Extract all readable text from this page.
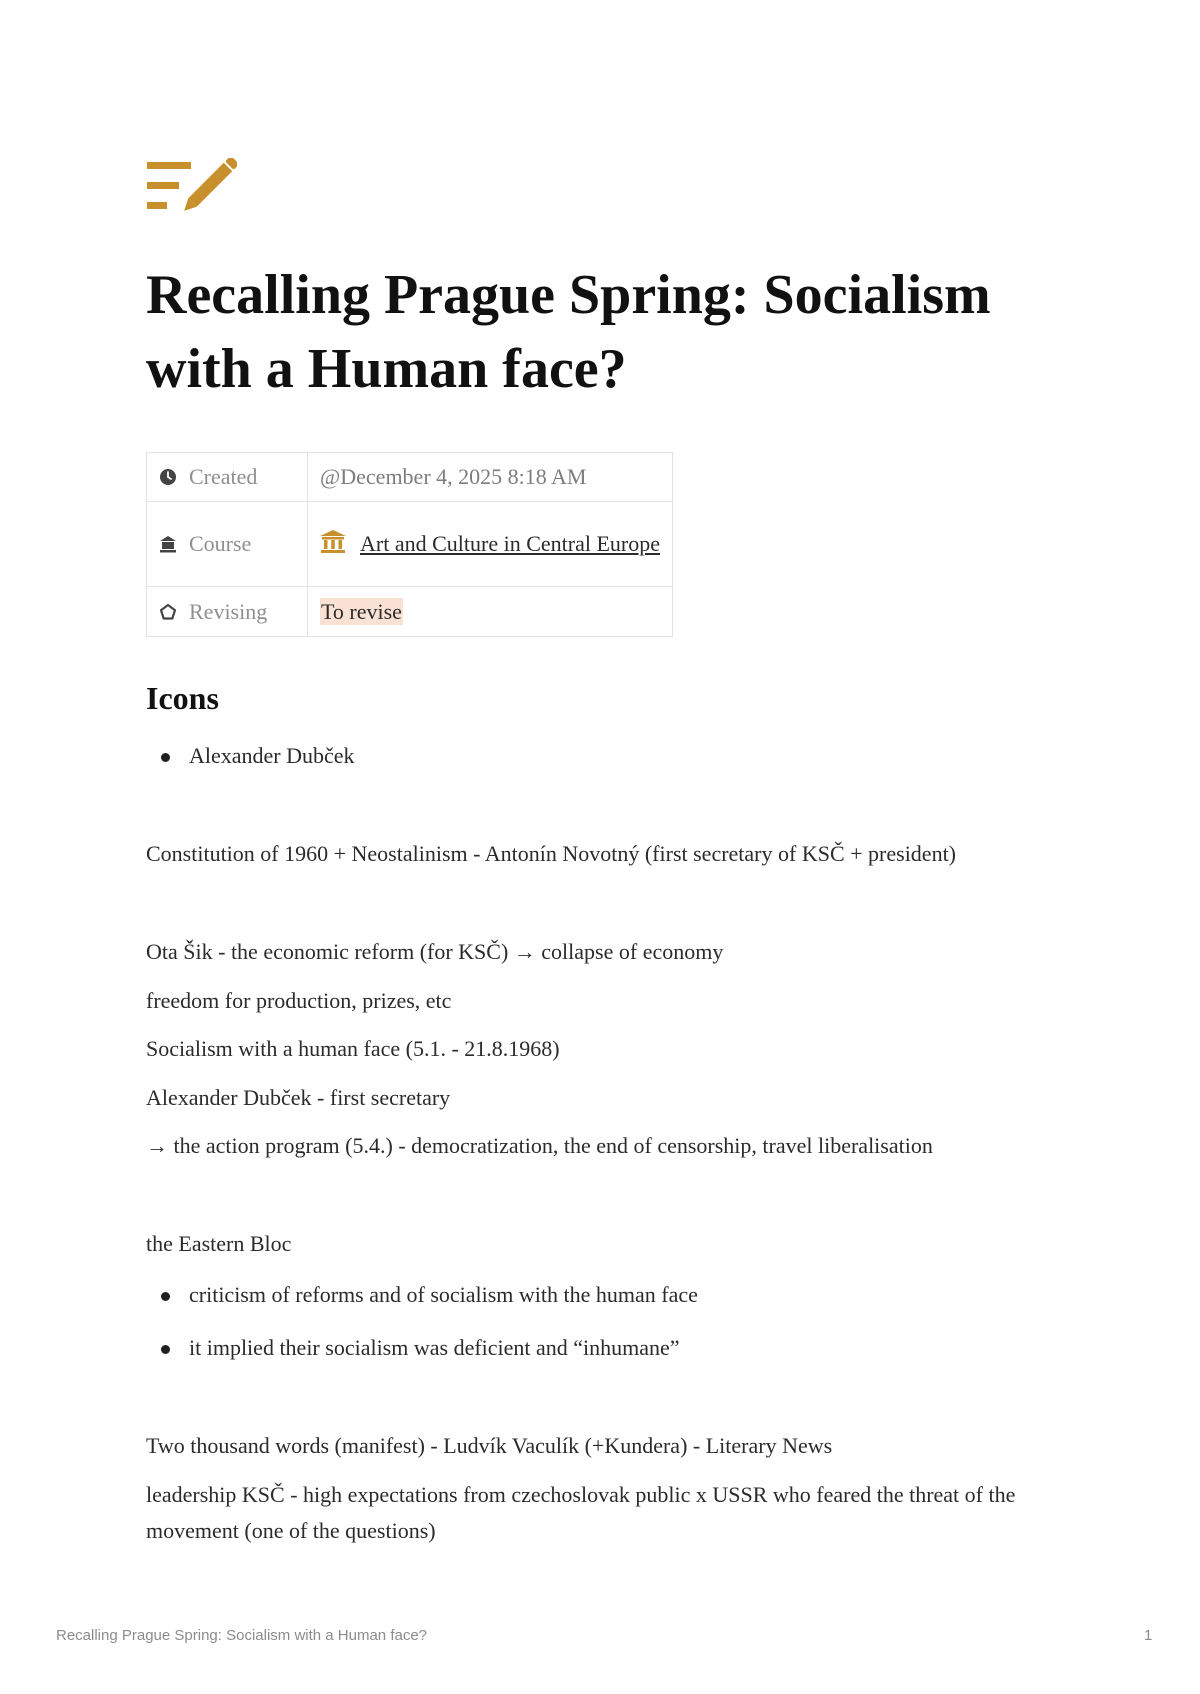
Recalling Prague Spring: Socialism with a Human face?
Created	@December 4, 2025 8:18 AM

Course	Art and Culture in Central Europe

Revising	To revise
Icons
Alexander Dubček

Constitution of 1960 + Neostalinism - Antonín Novotný (first secretary of KSČ + president)

Ota Šik - the economic reform (for KSČ) → collapse of economy

freedom for production, prizes, etc

Socialism with a human face (5.1. - 21.8.1968)

Alexander Dubček - first secretary

→ the action program (5.4.) - democratization, the end of censorship, travel liberalisation

the Eastern Bloc

criticism of reforms and of socialism with the human face
it implied their socialism was deficient and “inhumane”

Two thousand words (manifest) - Ludvík Vaculík (+Kundera) - Literary News

leadership KSČ - high expectations from czechoslovak public x USSR who feared the threat of the movement (one of the questions)

Recalling Prague Spring: Socialism with a Human face?	1
